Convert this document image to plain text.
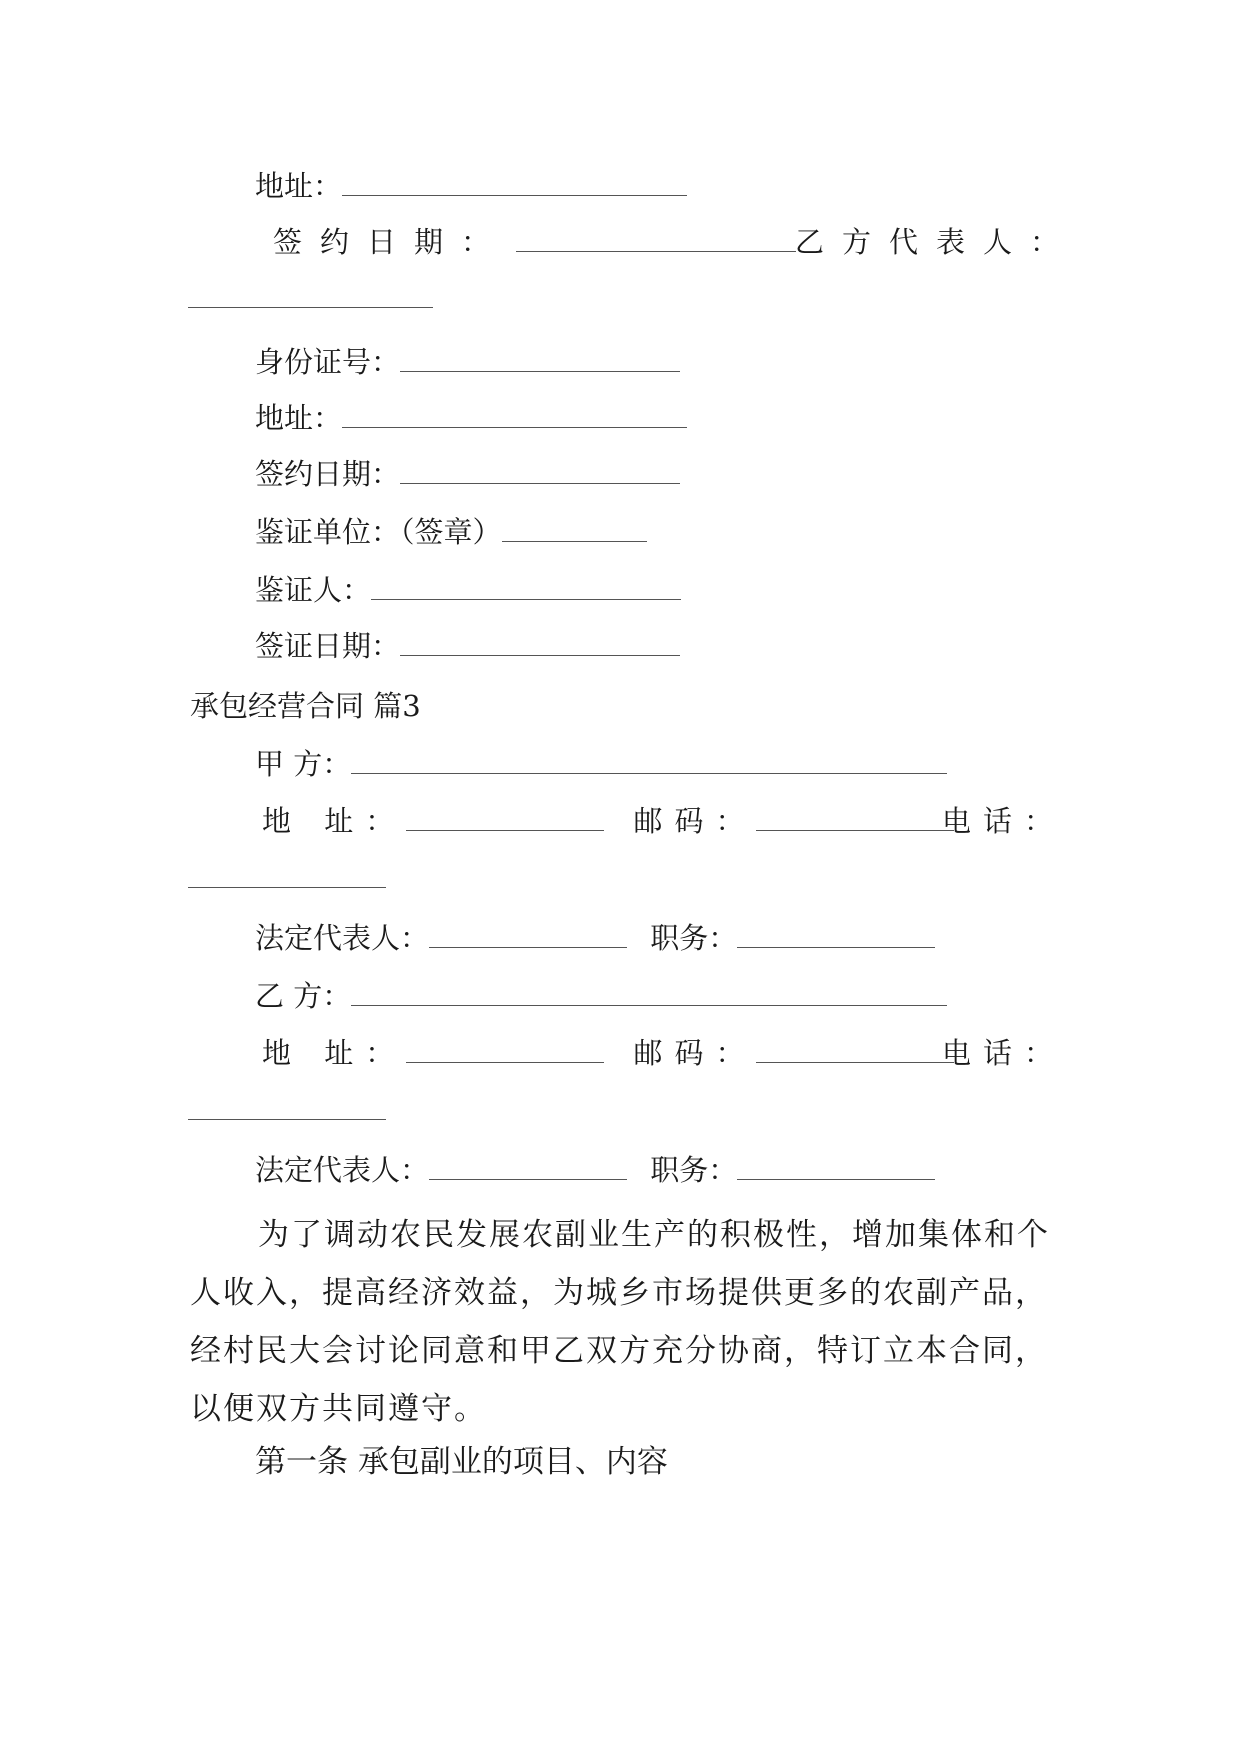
地址：
签约日期：	乙方代表人：
身份证号：
地址：
签约日期：
鉴证单位：（签章）
鉴证人：
签证日期：
承包经营合同 篇3
甲 方：
地 址：	邮码：	电话：
法定代表人：	职务：
乙 方：
地 址：	邮码：	电话：
法定代表人：	职务：
为了调动农民发展农副业生产的积极性，增加集体和个人收入，提高经济效益，为城乡市场提供更多的农副产品，经村民大会讨论同意和甲乙双方充分协商，特订立本合同，以便双方共同遵守。
第一条 承包副业的项目、内容
